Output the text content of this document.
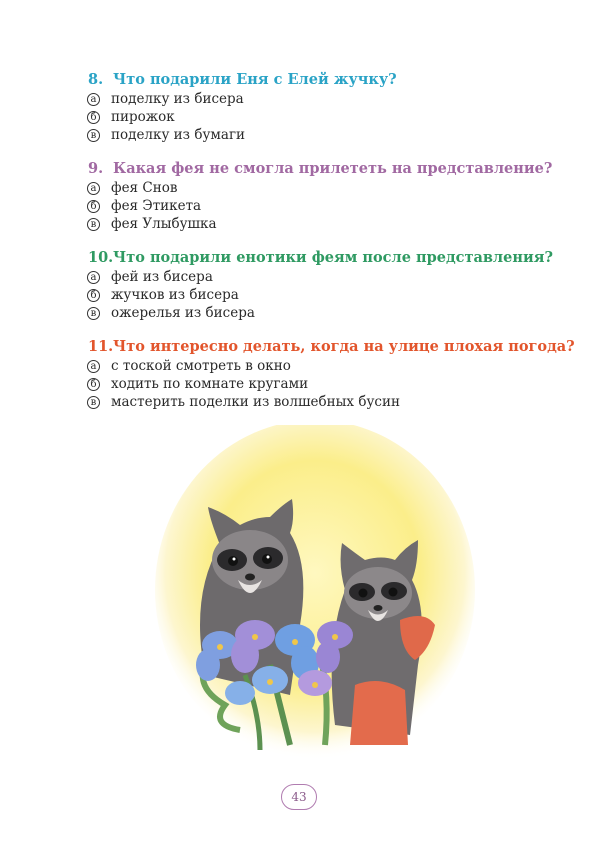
8. Что подарили Еня с Елей жучку?
а поделку из бисера
б пирожок
в поделку из бумаги
9. Какая фея не смогла прилететь на представление?
а фея Снов
б фея Этикета
в фея Улыбушка
10. Что подарили енотики феям после представления?
а фей из бисера
б жучков из бисера
в ожерелья из бисера
11. Что интересно делать, когда на улице плохая погода?
а с тоской смотреть в окно
б ходить по комнате кругами
в мастерить поделки из волшебных бусин
43
